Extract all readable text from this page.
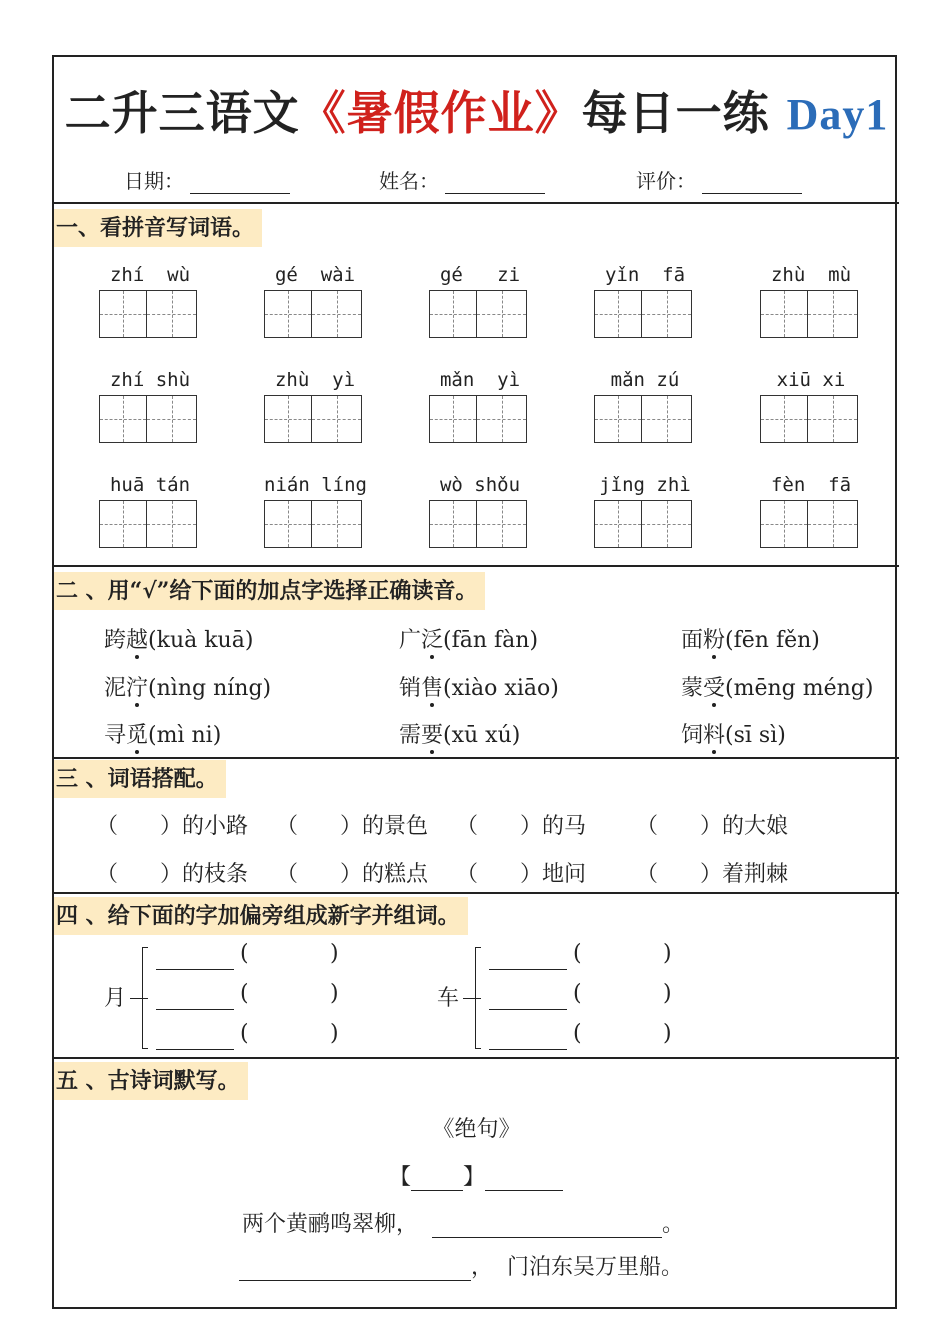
二升三语文《暑假作业》每日一练 Day1
日期：	姓名：	评价：
一、看拼音写词语。
zhí  wù	gé  wài	gé   zi	yǐn  fā	zhù  mù
zhí shù	zhù  yì	mǎn  yì	mǎn zú	xiū xi
huā tán	nián líng	wò shǒu	jǐng zhì	fèn  fā
二 、用“√”给下面的加点字选择正确读音。
跨越(kuà kuā)	广泛(fān fàn)	面粉(fēn fěn)
泥泞(nìng níng)	销售(xiào xiāo)	蒙受(mēng méng)
寻觅(mì ni)	需要(xū xú)	饲料(sī sì)
三 、词语搭配。
（      ）的小路 （      ）的景色 （      ）的马 （      ）的大娘
（      ）的枝条 （      ）的糕点 （      ）地问 （      ）着荆棘
四 、给下面的字加偏旁组成新字并组词。
月
(	)
(	)
(	)
车
(	)
(	)
(	)
五 、古诗词默写。
《绝句》
【 】
两个黄鹂鸣翠柳，	。
， 门泊东吴万里船。
